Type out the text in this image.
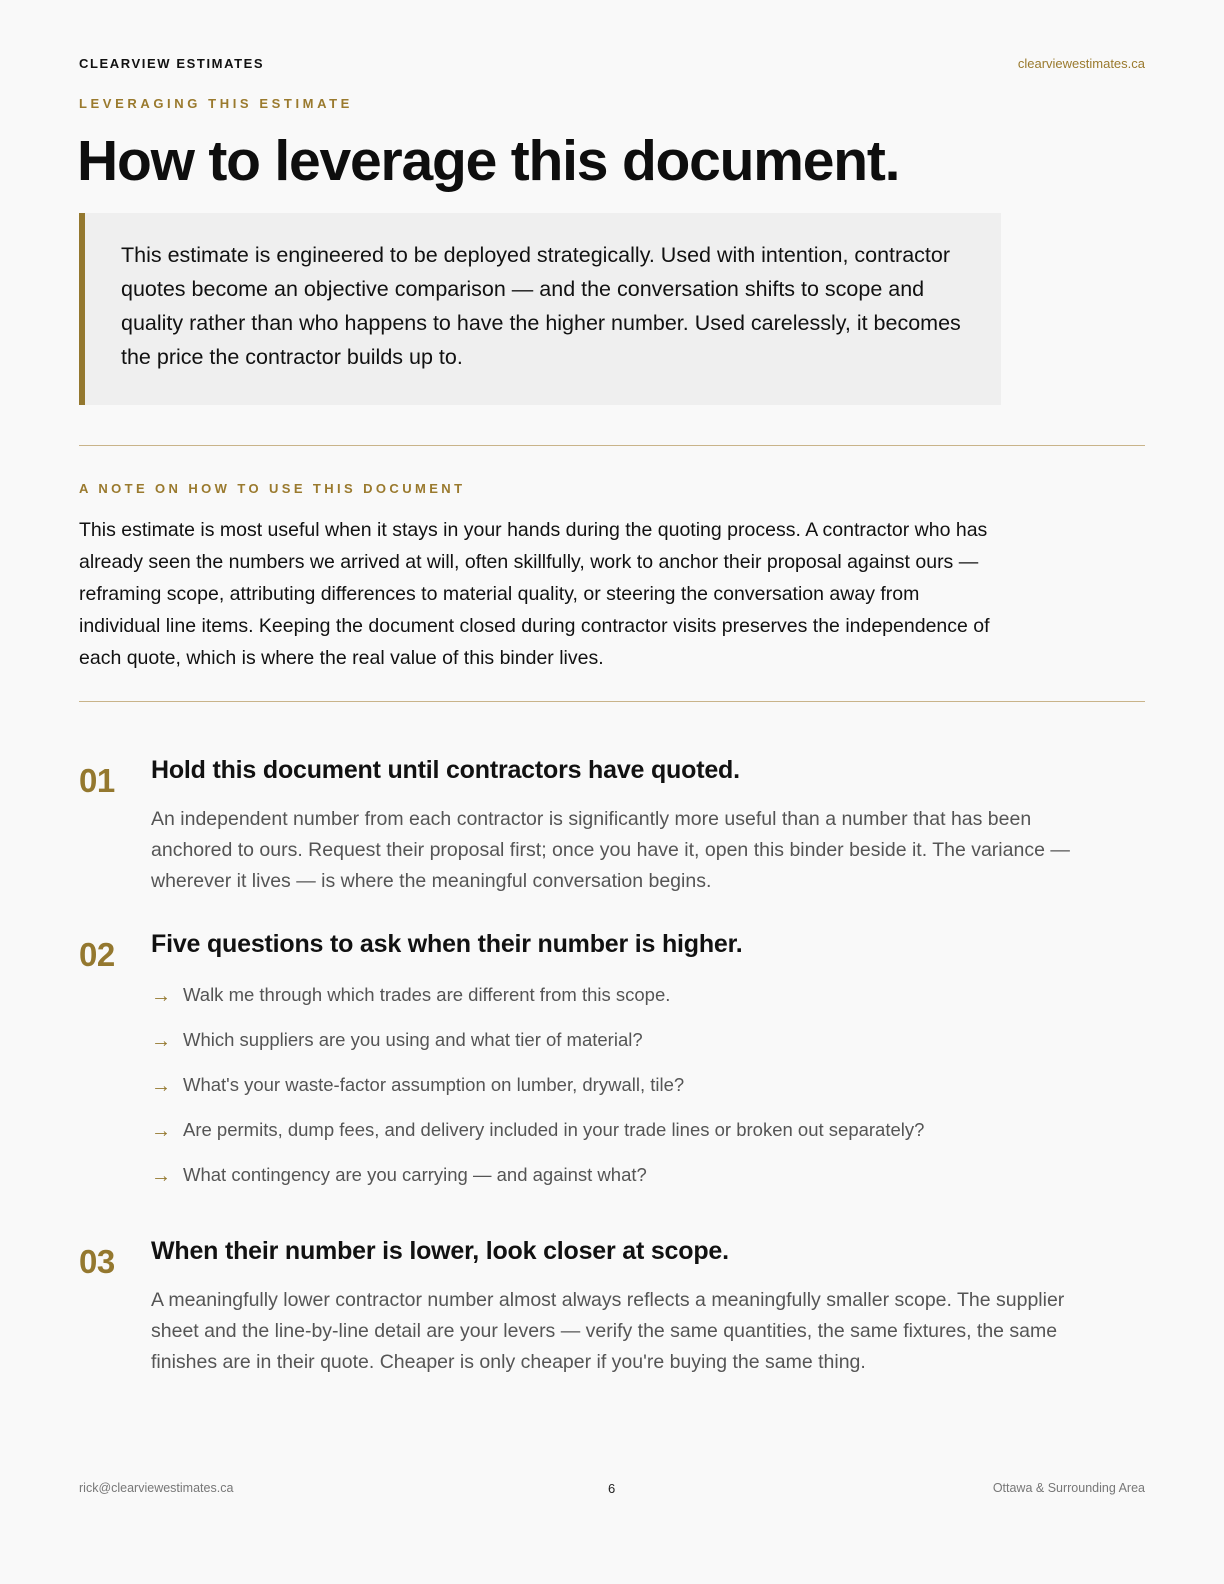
CLEARVIEW ESTIMATES	clearviewestimates.ca
LEVERAGING THIS ESTIMATE
How to leverage this document.

This estimate is engineered to be deployed strategically. Used with intention, contractor quotes become an objective comparison — and the conversation shifts to scope and quality rather than who happens to have the higher number. Used carelessly, it becomes the price the contractor builds up to.

A NOTE ON HOW TO USE THIS DOCUMENT

This estimate is most useful when it stays in your hands during the quoting process. A contractor who has already seen the numbers we arrived at will, often skillfully, work to anchor their proposal against ours — reframing scope, attributing differences to material quality, or steering the conversation away from individual line items. Keeping the document closed during contractor visits preserves the independence of each quote, which is where the real value of this binder lives.

01 Hold this document until contractors have quoted.

An independent number from each contractor is significantly more useful than a number that has been anchored to ours. Request their proposal first; once you have it, open this binder beside it. The variance — wherever it lives — is where the meaningful conversation begins.

02 Five questions to ask when their number is higher.
→ Walk me through which trades are different from this scope.
→ Which suppliers are you using and what tier of material?
→ What's your waste-factor assumption on lumber, drywall, tile?
→ Are permits, dump fees, and delivery included in your trade lines or broken out separately?
→ What contingency are you carrying — and against what?
03 When their number is lower, look closer at scope.

A meaningfully lower contractor number almost always reflects a meaningfully smaller scope. The supplier sheet and the line-by-line detail are your levers — verify the same quantities, the same fixtures, the same finishes are in their quote. Cheaper is only cheaper if you're buying the same thing.

rick@clearviewestimates.ca	6	Ottawa & Surrounding Area
